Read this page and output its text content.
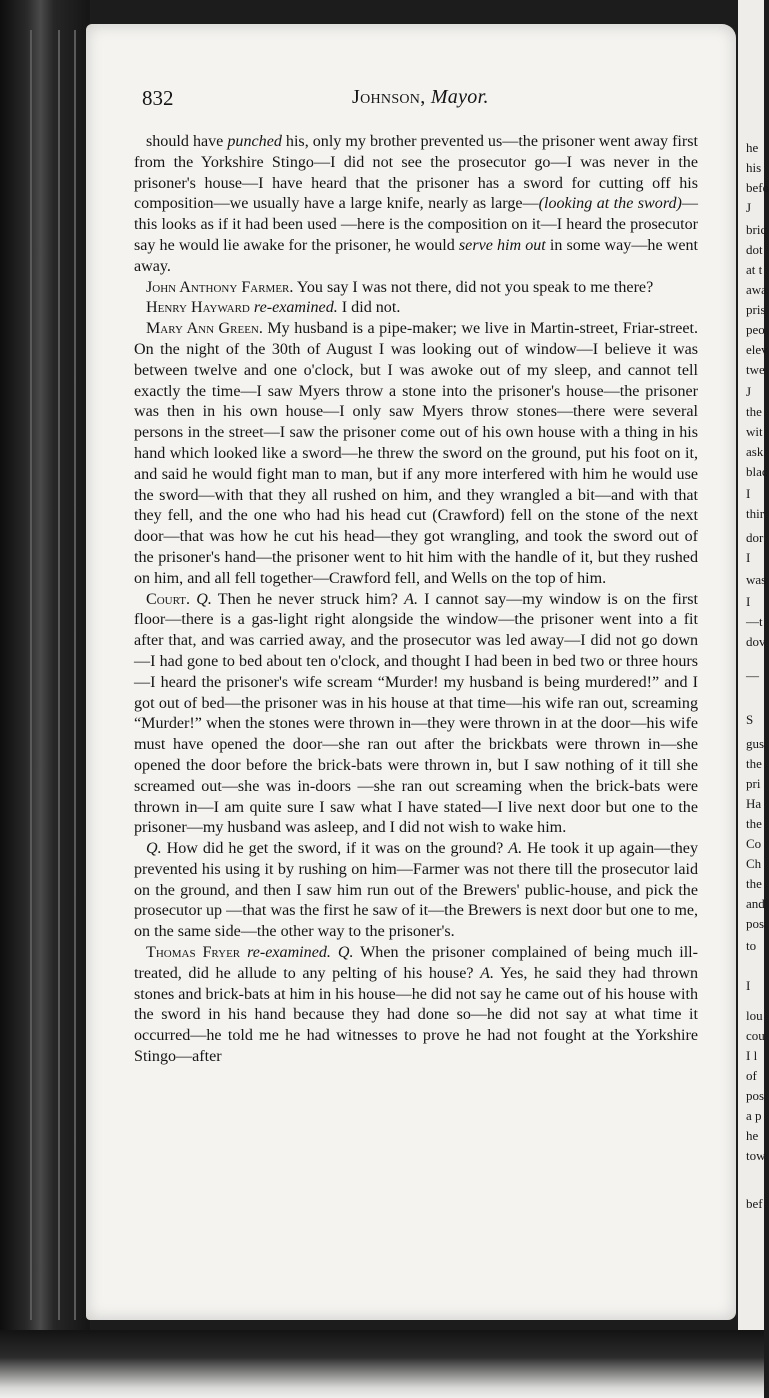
he
his
befo
J
bric
dot
at t
awa
pris
peo
elev
twe
J
the
wit
ask
blac
I
thir
dor
I
was
I
—t
dov
—
S
gus
the
pri
Ha
the
Co
Ch
the
and
pos
to
I
lou
cou
I l
of
pos
a p
he
tow
bef
832	Johnson, Mayor.

should have punched his, only my brother prevented us—the prisoner went away first from the Yorkshire Stingo—I did not see the prosecutor go—I was never in the prisoner's house—I have heard that the prisoner has a sword for cutting off his composition—we usually have a large knife, nearly as large—(looking at the sword)—this looks as if it had been used —here is the composition on it—I heard the prosecutor say he would lie awake for the prisoner, he would serve him out in some way—he went away.

John Anthony Farmer. You say I was not there, did not you speak to me there?

Henry Hayward re-examined. I did not.

Mary Ann Green. My husband is a pipe-maker; we live in Martin-street, Friar-street. On the night of the 30th of August I was looking out of window—I believe it was between twelve and one o'clock, but I was awoke out of my sleep, and cannot tell exactly the time—I saw Myers throw a stone into the prisoner's house—the prisoner was then in his own house—I only saw Myers throw stones—there were several persons in the street—I saw the prisoner come out of his own house with a thing in his hand which looked like a sword—he threw the sword on the ground, put his foot on it, and said he would fight man to man, but if any more interfered with him he would use the sword—with that they all rushed on him, and they wrangled a bit—and with that they fell, and the one who had his head cut (Crawford) fell on the stone of the next door—that was how he cut his head—they got wrangling, and took the sword out of the prisoner's hand—the prisoner went to hit him with the handle of it, but they rushed on him, and all fell together—Crawford fell, and Wells on the top of him.

Court. Q. Then he never struck him? A. I cannot say—my window is on the first floor—there is a gas-light right alongside the window—the prisoner went into a fit after that, and was carried away, and the prosecutor was led away—I did not go down—I had gone to bed about ten o'clock, and thought I had been in bed two or three hours—I heard the prisoner's wife scream “Murder! my husband is being murdered!” and I got out of bed—the prisoner was in his house at that time—his wife ran out, screaming “Murder!” when the stones were thrown in—they were thrown in at the door—his wife must have opened the door—she ran out after the brickbats were thrown in—she opened the door before the brick-bats were thrown in, but I saw nothing of it till she screamed out—she was in-doors —she ran out screaming when the brick-bats were thrown in—I am quite sure I saw what I have stated—I live next door but one to the prisoner—my husband was asleep, and I did not wish to wake him.

Q. How did he get the sword, if it was on the ground? A. He took it up again—they prevented his using it by rushing on him—Farmer was not there till the prosecutor laid on the ground, and then I saw him run out of the Brewers' public-house, and pick the prosecutor up —that was the first he saw of it—the Brewers is next door but one to me, on the same side—the other way to the prisoner's.

Thomas Fryer re-examined. Q. When the prisoner complained of being much ill-treated, did he allude to any pelting of his house? A. Yes, he said they had thrown stones and brick-bats at him in his house—he did not say he came out of his house with the sword in his hand because they had done so—he did not say at what time it occurred—he told me he had witnesses to prove he had not fought at the Yorkshire Stingo—after
